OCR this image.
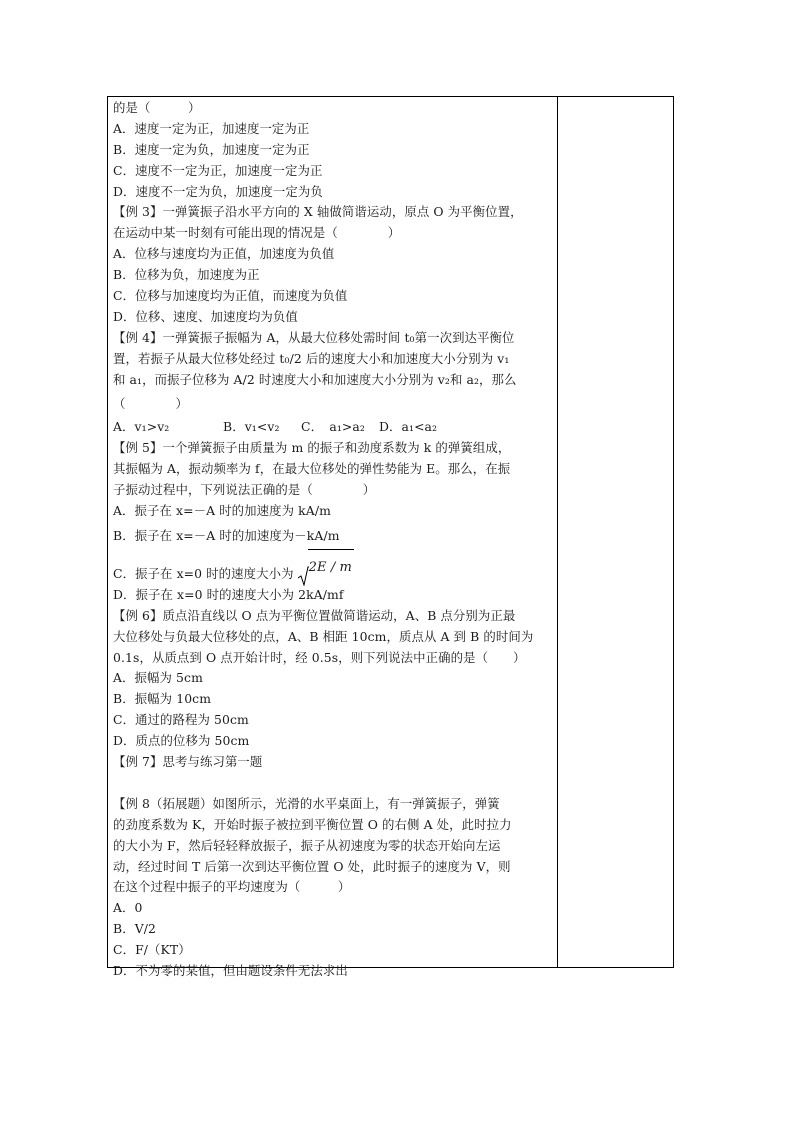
的是（　　　）
A．速度一定为正，加速度一定为正
B．速度一定为负，加速度一定为正
C．速度不一定为正，加速度一定为正
D．速度不一定为负，加速度一定为负
【例 3】一弹簧振子沿水平方向的 X 轴做简谐运动，原点 O 为平衡位置，
在运动中某一时刻有可能出现的情况是（　　　　）
A．位移与速度均为正值，加速度为负值
B．位移为负，加速度为正
C．位移与加速度均为正值，而速度为负值
D．位移、速度、加速度均为负值
【例 4】一弹簧振子振幅为 A，从最大位移处需时间 t₀第一次到达平衡位
置，若振子从最大位移处经过 t₀/2 后的速度大小和加速度大小分别为 v₁
和 a₁，而振子位移为 A/2 时速度大小和加速度大小分别为 v₂和 a₂，那么
（　　　　）
A．v₁>v₂	B．v₁<v₂ C．　a₁>a₂ D．a₁<a₂
【例 5】一个弹簧振子由质量为 m 的振子和劲度系数为 k 的弹簧组成，
其振幅为 A，振动频率为 f，在最大位移处的弹性势能为 E。那么，在振
子振动过程中，下列说法正确的是（　　　　）
A．振子在 x=－A 时的加速度为 kA/m
B．振子在 x=－A 时的加速度为－kA/m
C．振子在 x=0 时的速度大小为 2E / m
D．振子在 x=0 时的速度大小为 2kA/mf
【例 6】质点沿直线以 O 点为平衡位置做简谐运动，A、B 点分别为正最
大位移处与负最大位移处的点，A、B 相距 10cm，质点从 A 到 B 的时间为
0.1s，从质点到 O 点开始计时，经 0.5s，则下列说法中正确的是（　　）
A．振幅为 5cm
B．振幅为 10cm
C．通过的路程为 50cm
D．质点的位移为 50cm
【例 7】思考与练习第一题
【例 8（拓展题）如图所示，光滑的水平桌面上，有一弹簧振子，弹簧
的劲度系数为 K，开始时振子被拉到平衡位置 O 的右侧 A 处，此时拉力
的大小为 F，然后轻轻释放振子，振子从初速度为零的状态开始向左运
动，经过时间 T 后第一次到达平衡位置 O 处，此时振子的速度为 V，则
在这个过程中振子的平均速度为（　　　）
A．0
B．V/2
C．F/（KT）
D．不为零的某值，但由题设条件无法求出
